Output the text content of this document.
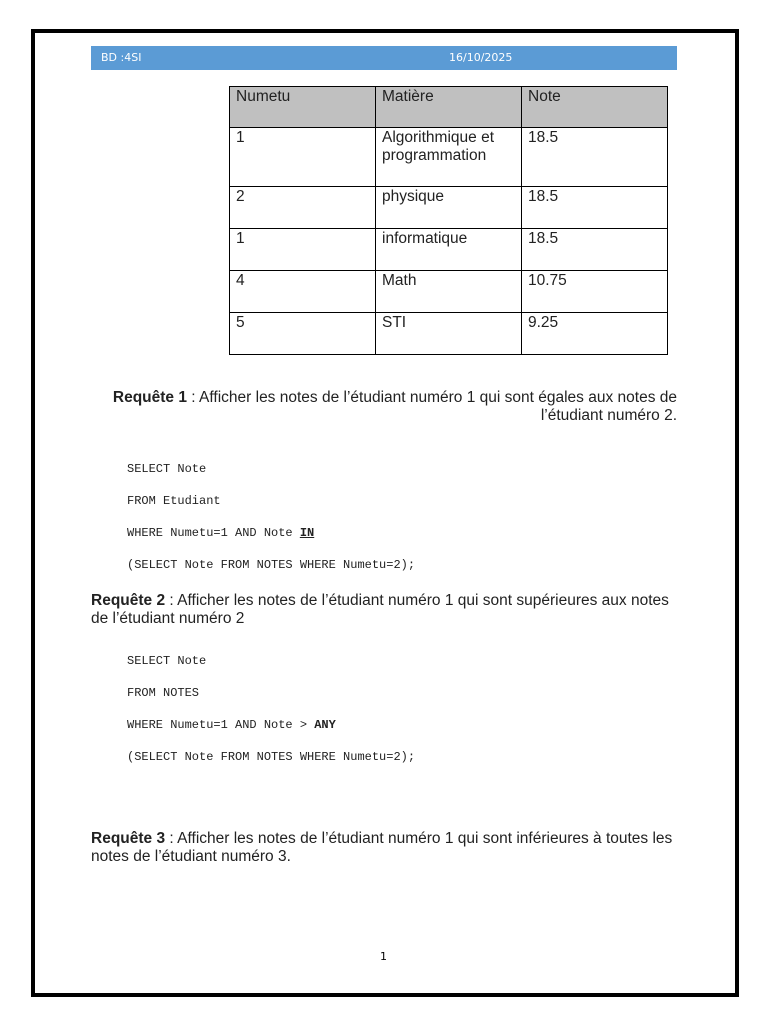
BD :4SI	16/10/2025
Numetu	Matière	Note
1	Algorithmique et programmation	18.5
2	physique	18.5
1	informatique	18.5
4	Math	10.75
5	STI	9.25
Requête 1 : Afficher les notes de l’étudiant numéro 1 qui sont égales aux notes de l’étudiant numéro 2.
SELECT Note
FROM Etudiant
WHERE Numetu=1 AND Note IN
(SELECT Note FROM NOTES WHERE Numetu=2);
Requête 2 : Afficher les notes de l’étudiant numéro 1 qui sont supérieures aux notes de l’étudiant numéro 2
SELECT Note
FROM NOTES
WHERE Numetu=1 AND Note > ANY
(SELECT Note FROM NOTES WHERE Numetu=2);
Requête 3 : Afficher les notes de l’étudiant numéro 1 qui sont inférieures à toutes les notes de l’étudiant numéro 3.
1
